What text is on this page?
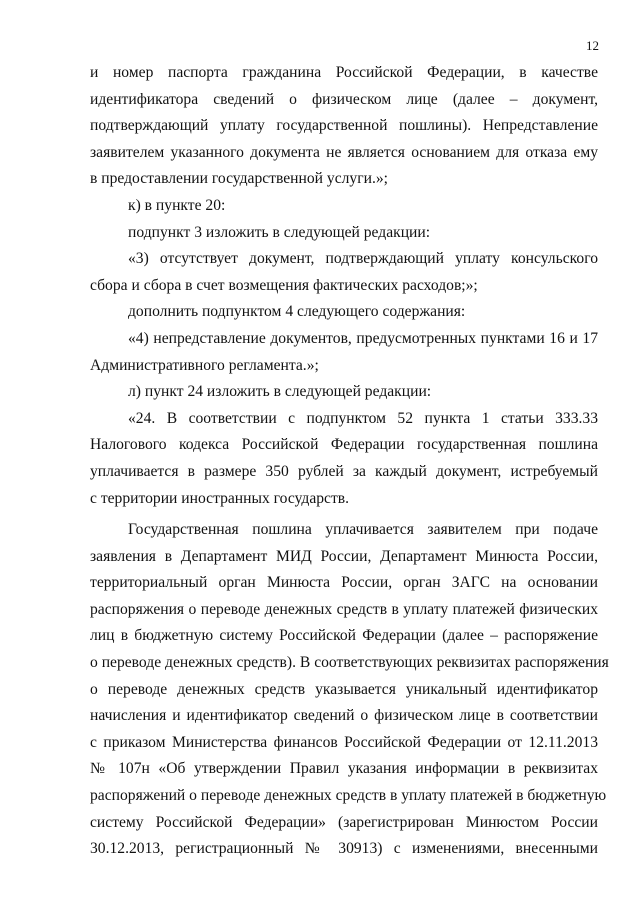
12
и номер паспорта гражданина Российской Федерации, в качестве
идентификатора сведений о физическом лице (далее – документ,
подтверждающий уплату государственной пошлины). Непредставление
заявителем указанного документа не является основанием для отказа ему
в предоставлении государственной услуги.»;
к) в пункте 20:
подпункт 3 изложить в следующей редакции:
«3) отсутствует документ, подтверждающий уплату консульского
сбора и сбора в счет возмещения фактических расходов;»;
дополнить подпунктом 4 следующего содержания:
«4) непредставление документов, предусмотренных пунктами 16 и 17
Административного регламента.»;
л) пункт 24 изложить в следующей редакции:
«24. В соответствии с подпунктом 52 пункта 1 статьи 333.33
Налогового кодекса Российской Федерации государственная пошлина
уплачивается в размере 350 рублей за каждый документ, истребуемый
с территории иностранных государств.
Государственная пошлина уплачивается заявителем при подаче
заявления в Департамент МИД России, Департамент Минюста России,
территориальный орган Минюста России, орган ЗАГС на основании
распоряжения о переводе денежных средств в уплату платежей физических
лиц в бюджетную систему Российской Федерации (далее – распоряжение
о переводе денежных средств). В соответствующих реквизитах распоряжения
о переводе денежных средств указывается уникальный идентификатор
начисления и идентификатор сведений о физическом лице в соответствии
с приказом Министерства финансов Российской Федерации от 12.11.2013
№ 107н «Об утверждении Правил указания информации в реквизитах
распоряжений о переводе денежных средств в уплату платежей в бюджетную
систему Российской Федерации» (зарегистрирован Минюстом России
30.12.2013, регистрационный № 30913) с изменениями, внесенными
